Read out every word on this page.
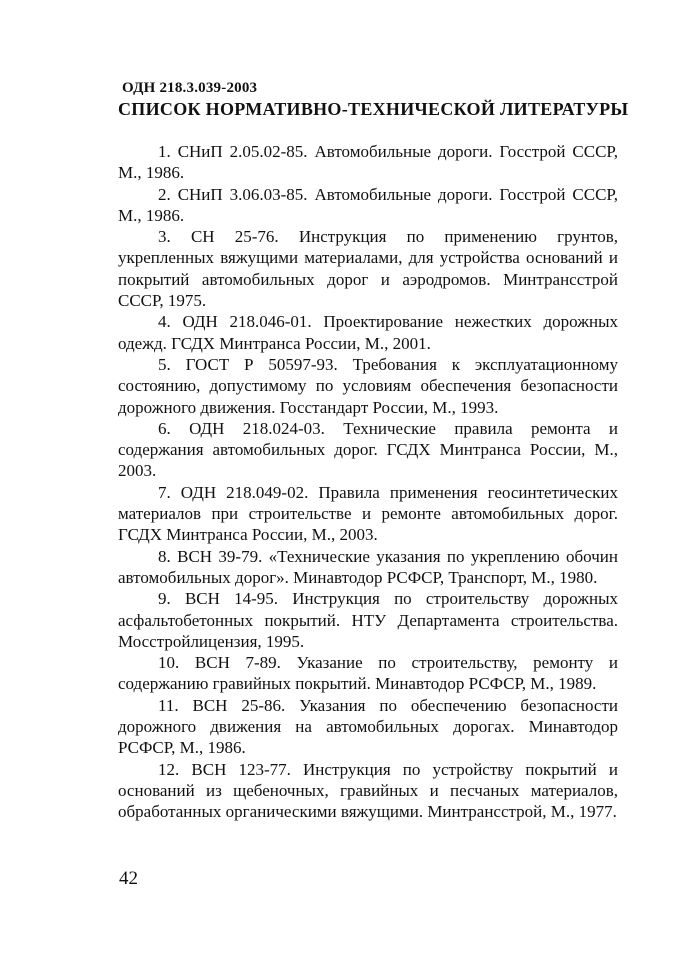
ОДН 218.3.039-2003
СПИСОК НОРМАТИВНО-ТЕХНИЧЕСКОЙ ЛИТЕРАТУРЫ
1. СНиП 2.05.02-85. Автомобильные дороги. Госстрой СССР, М., 1986.
2. СНиП 3.06.03-85. Автомобильные дороги. Госстрой СССР, М., 1986.
3. СН 25-76. Инструкция по применению грунтов, укрепленных вяжущими материалами, для устройства оснований и покрытий автомобильных дорог и аэродромов. Минтрансстрой СССР, 1975.
4. ОДН 218.046-01. Проектирование нежестких дорожных одежд. ГСДХ Минтранса России, М., 2001.
5. ГОСТ Р 50597-93. Требования к эксплуатационному состоянию, допустимому по условиям обеспечения безопасности дорожного движения. Госстандарт России, М., 1993.
6. ОДН 218.024-03. Технические правила ремонта и содержания автомобильных дорог. ГСДХ Минтранса России, М., 2003.
7. ОДН 218.049-02. Правила применения геосинтетических материалов при строительстве и ремонте автомобильных дорог. ГСДХ Минтранса России, М., 2003.
8. ВСН 39-79. «Технические указания по укреплению обочин автомобильных дорог». Минавтодор РСФСР, Транспорт, М., 1980.
9. ВСН 14-95. Инструкция по строительству дорожных асфальтобетонных покрытий. НТУ Департамента строительства. Мосстройлицензия, 1995.
10. ВСН 7-89. Указание по строительству, ремонту и содержанию гравийных покрытий. Минавтодор РСФСР, М., 1989.
11. ВСН 25-86. Указания по обеспечению безопасности дорожного движения на автомобильных дорогах. Минавтодор РСФСР, М., 1986.
12. ВСН 123-77. Инструкция по устройству покрытий и оснований из щебеночных, гравийных и песчаных материалов, обработанных органическими вяжущими. Минтрансстрой, М., 1977.
42
